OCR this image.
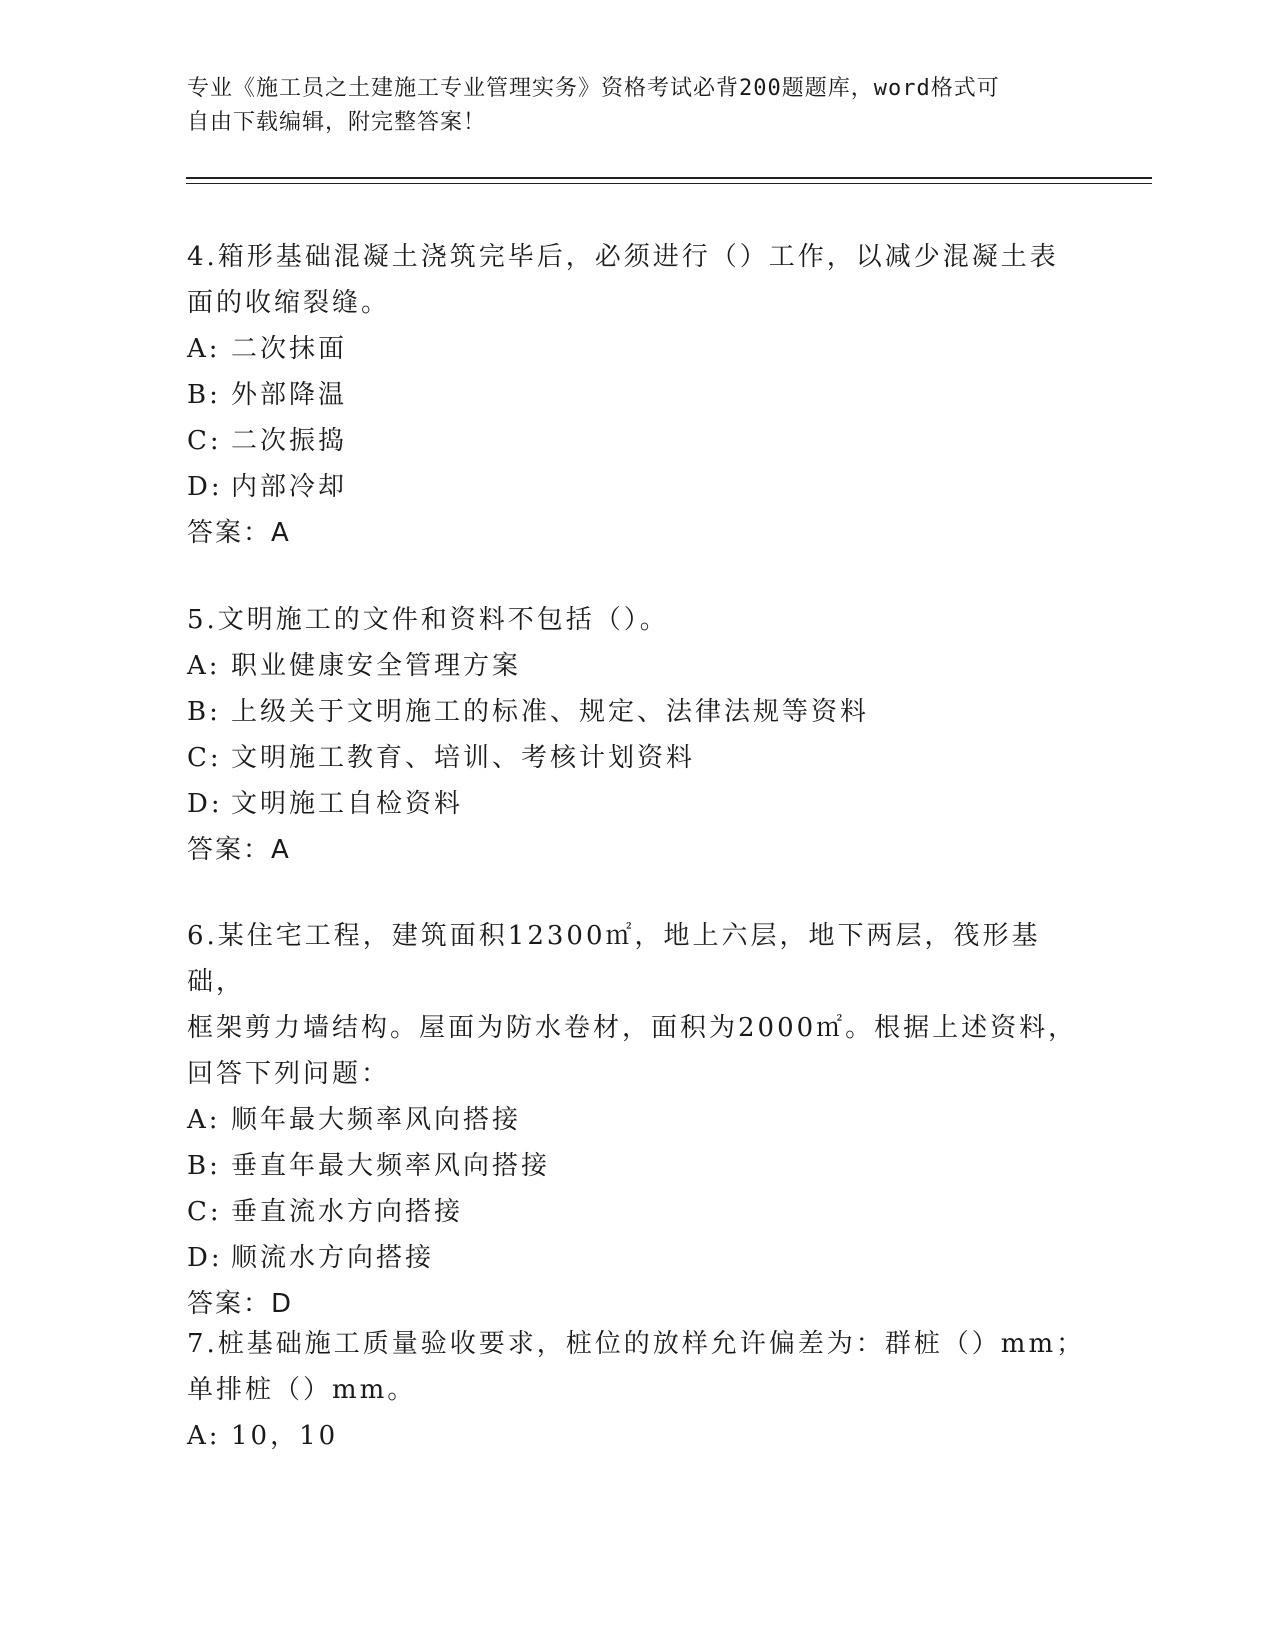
专业《施工员之土建施工专业管理实务》资格考试必背200题题库，word格式可
自由下载编辑，附完整答案！

4.箱形基础混凝土浇筑完毕后，必须进行（）工作，以减少混凝土表

面的收缩裂缝。

A: 二次抹面

B: 外部降温

C: 二次振捣

D: 内部冷却

答案：A

5.文明施工的文件和资料不包括（）。

A: 职业健康安全管理方案

B: 上级关于文明施工的标准、规定、法律法规等资料

C: 文明施工教育、培训、考核计划资料

D: 文明施工自检资料

答案：A

6.某住宅工程，建筑面积12300㎡，地上六层，地下两层，筏形基础，

框架剪力墙结构。屋面为防水卷材，面积为2000㎡。根据上述资料，

回答下列问题：

A: 顺年最大频率风向搭接

B: 垂直年最大频率风向搭接

C: 垂直流水方向搭接

D: 顺流水方向搭接

答案：D

7.桩基础施工质量验收要求，桩位的放样允许偏差为：群桩（）mm；

单排桩（）mm。

A: 10，10
